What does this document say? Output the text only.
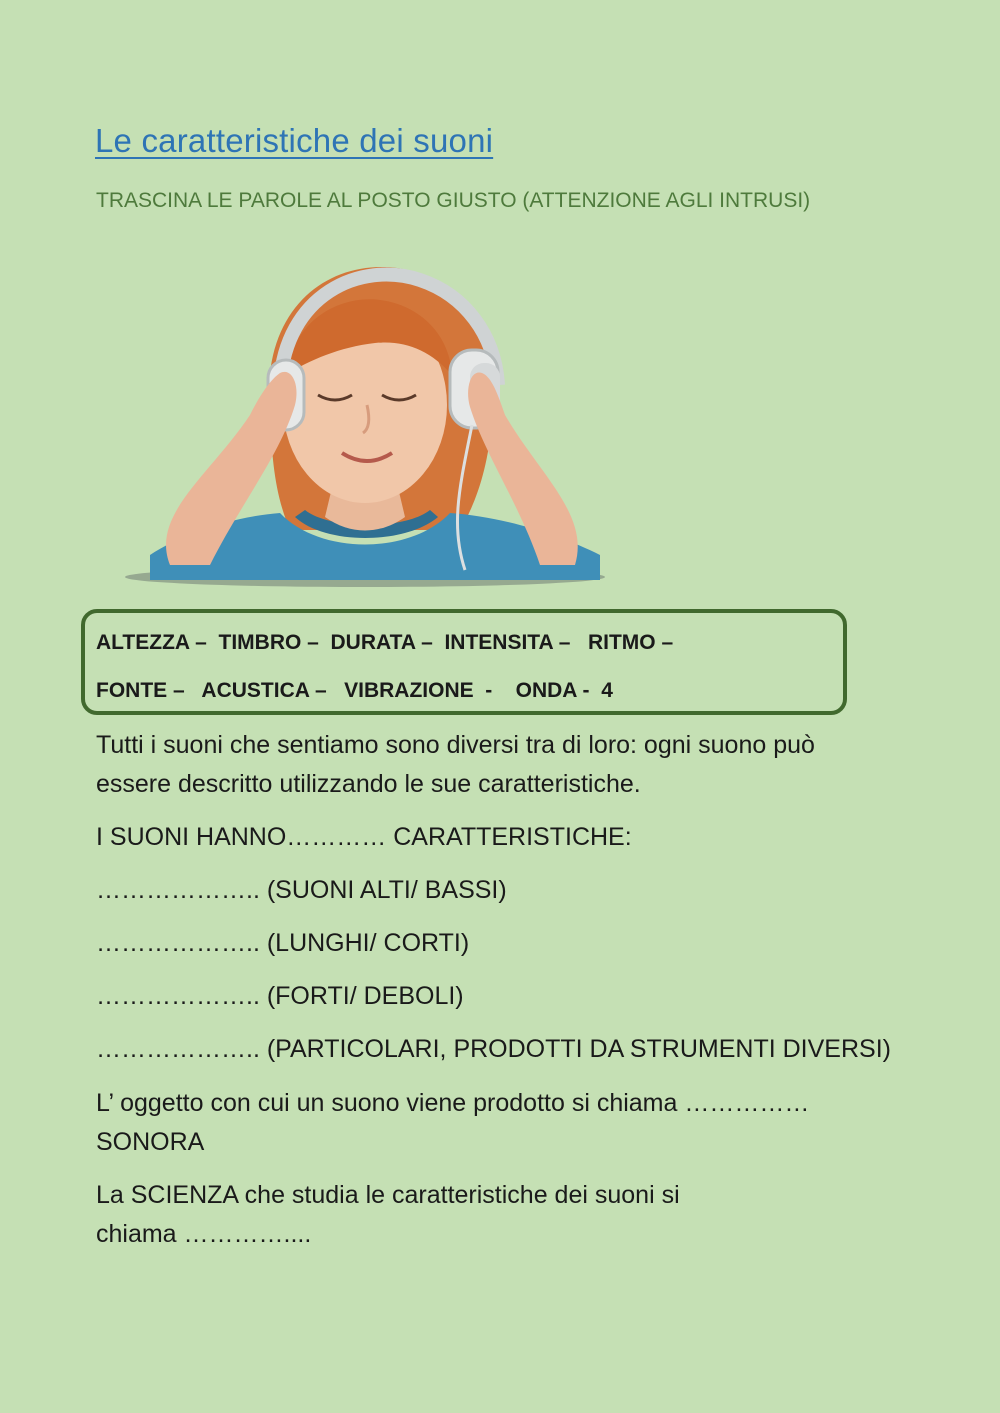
Le caratteristiche dei suoni

TRASCINA LE PAROLE AL POSTO GIUSTO (ATTENZIONE AGLI INTRUSI)

ALTEZZA –  TIMBRO –  DURATA –  INTENSITA –   RITMO –

FONTE –   ACUSTICA –   VIBRAZIONE  -    ONDA -  4

Tutti i suoni che sentiamo sono diversi tra di loro: ogni suono può
essere descritto utilizzando le sue caratteristiche.

I SUONI HANNO………… CARATTERISTICHE:

……………….. (SUONI ALTI/ BASSI)

……………….. (LUNGHI/ CORTI)

……………….. (FORTI/ DEBOLI)

……………….. (PARTICOLARI, PRODOTTI DA STRUMENTI DIVERSI)

L’ oggetto con cui un suono viene prodotto si chiama ……………
SONORA
La SCIENZA che studia le caratteristiche dei suoni si
chiama …………....
